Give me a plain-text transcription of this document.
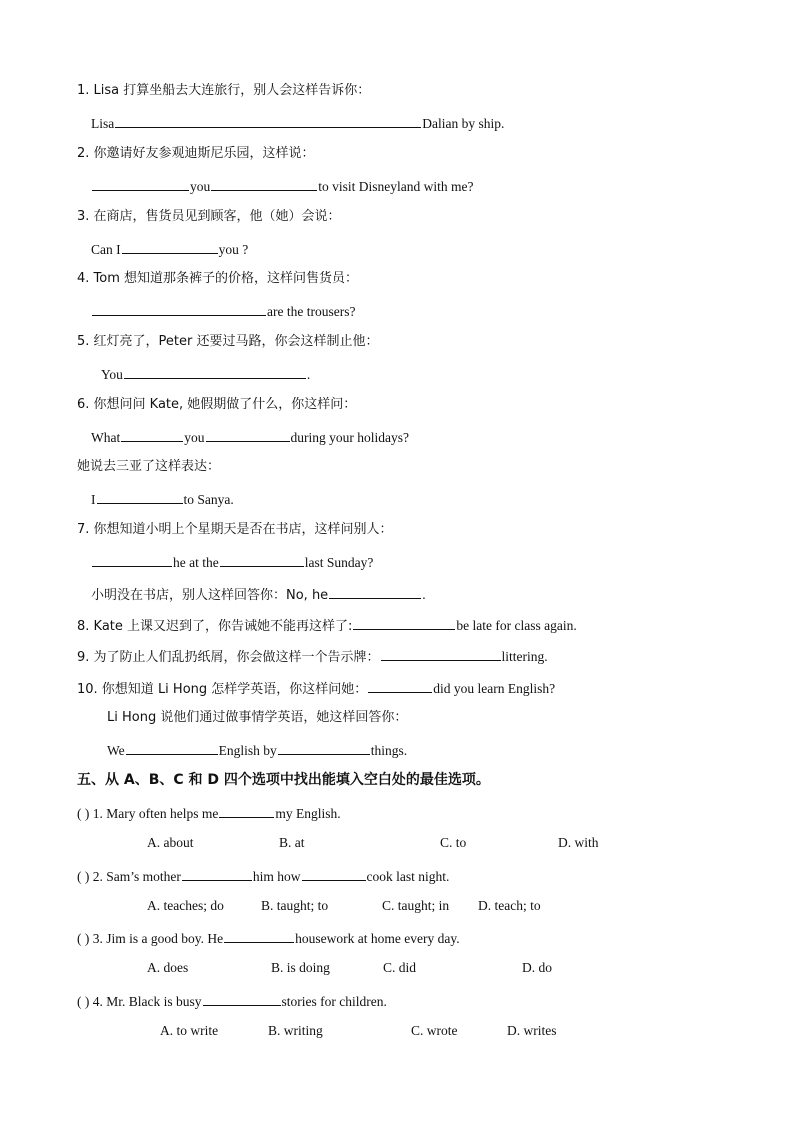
1. Lisa 打算坐船去大连旅行，别人会这样告诉你：
Lisa	Dalian by ship.
2. 你邀请好友参观迪斯尼乐园，这样说：
you	to visit Disneyland with me?
3. 在商店，售货员见到顾客，他（她）会说：
Can I	you ?
4. Tom 想知道那条裤子的价格，这样问售货员：
are the trousers?
5. 红灯亮了，Peter 还要过马路，你会这样制止他：
You	.
6. 你想问问 Kate, 她假期做了什么，你这样问：
What	you	during your holidays?
她说去三亚了这样表达：
I	to Sanya.
7. 你想知道小明上个星期天是否在书店，这样问别人：
he at the	last Sunday?
小明没在书店，别人这样回答你：No, he	.
8. Kate 上课又迟到了，你告诫她不能再这样了:	be late for class again.
9. 为了防止人们乱扔纸屑，你会做这样一个告示牌：	littering.
10. 你想知道 Li Hong 怎样学英语，你这样问她：	did you learn English?
Li Hong 说他们通过做事情学英语，她这样回答你：
We	English by	things.
五、从 A、B、C 和 D 四个选项中找出能填入空白处的最佳选项。
( ) 1. Mary often helps me	my English.
A. about	B. at	C. to	D. with
( ) 2. Sam’s mother	him how	cook last night.
A. teaches; do	B. taught; to	C. taught; in D. teach; to
( ) 3. Jim is a good boy. He	housework at home every day.
A. does	B. is doing	C. did	D. do
( ) 4. Mr. Black is busy	stories for children.
A. to write	B. writing	C. wrote	D. writes
